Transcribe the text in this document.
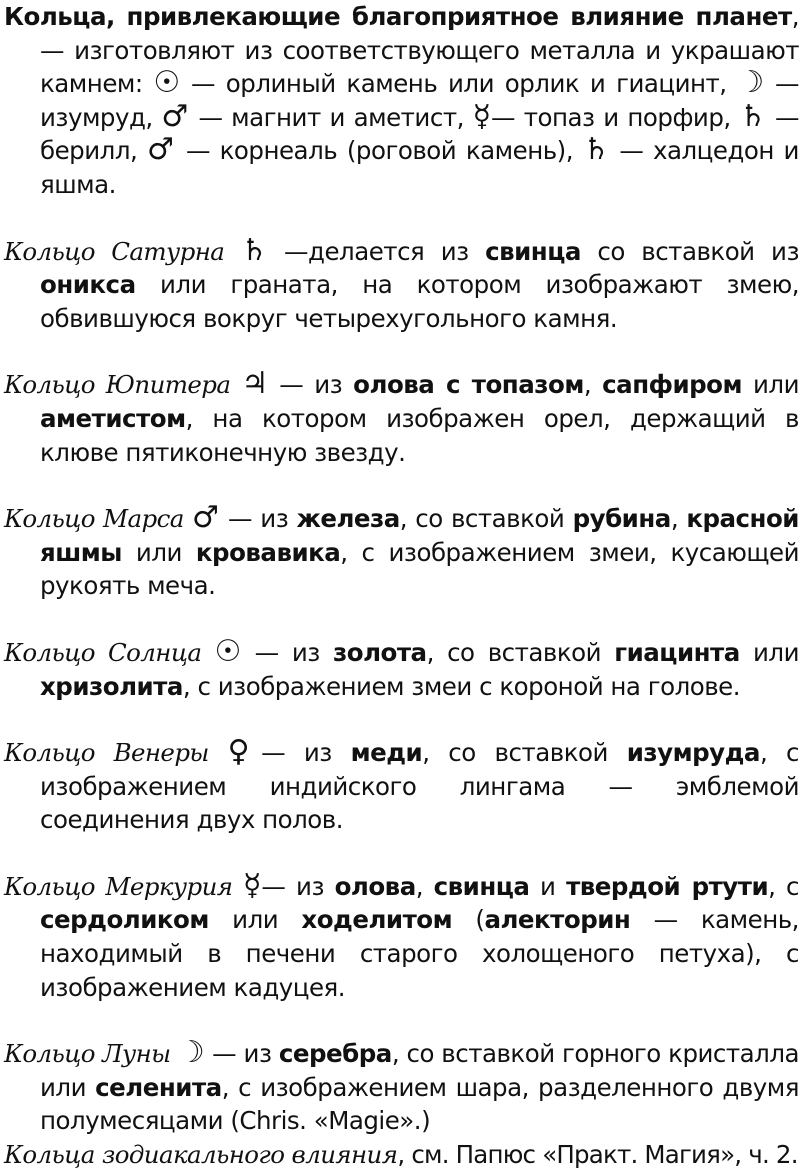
Кольца, привлекающие благоприятное влияние планет, — изготовляют из соответствующего металла и украшают камнем: ☉ — орлиный камень или орлик и гиацинт, ☽ — изумруд, ♂ — магнит и аметист, ☿— топаз и порфир, ♄ — берилл, ♂ — корнеаль (роговой камень), ♄ — халцедон и яшма.

Кольцо Сатурна ♄ —делается из свинца со вставкой из оникса или граната, на котором изображают змею, обвившуюся вокруг четырехугольного камня.

Кольцо Юпитера ♃ — из олова с топазом, сапфиром или аметистом, на котором изображен орел, держащий в клюве пятиконечную звезду.

Кольцо Марса ♂ — из железа, со вставкой рубина, красной яшмы или кровавика, с изображением змеи, кусающей рукоять меча.

Кольцо Солнца ☉ — из золота, со вставкой гиацинта или хризолита, с изображением змеи с короной на голове.

Кольцо Венеры ♀— из меди, со вставкой изумруда, с изображением индийского лингама — эмблемой соединения двух полов.

Кольцо Меркурия ☿— из олова, свинца и твердой ртути, с сердоликом или ходелитом (алекторин — камень, находимый в печени старого холощеного петуха), с изображением кадуцея.

Кольцо Луны ☽ — из серебра, со вставкой горного кристалла или селенита, с изображением шара, разделенного двумя полумесяцами (Chris. «Magie».)

Кольца зодиакального влияния, см. Папюс «Практ. Магия», ч. 2.
